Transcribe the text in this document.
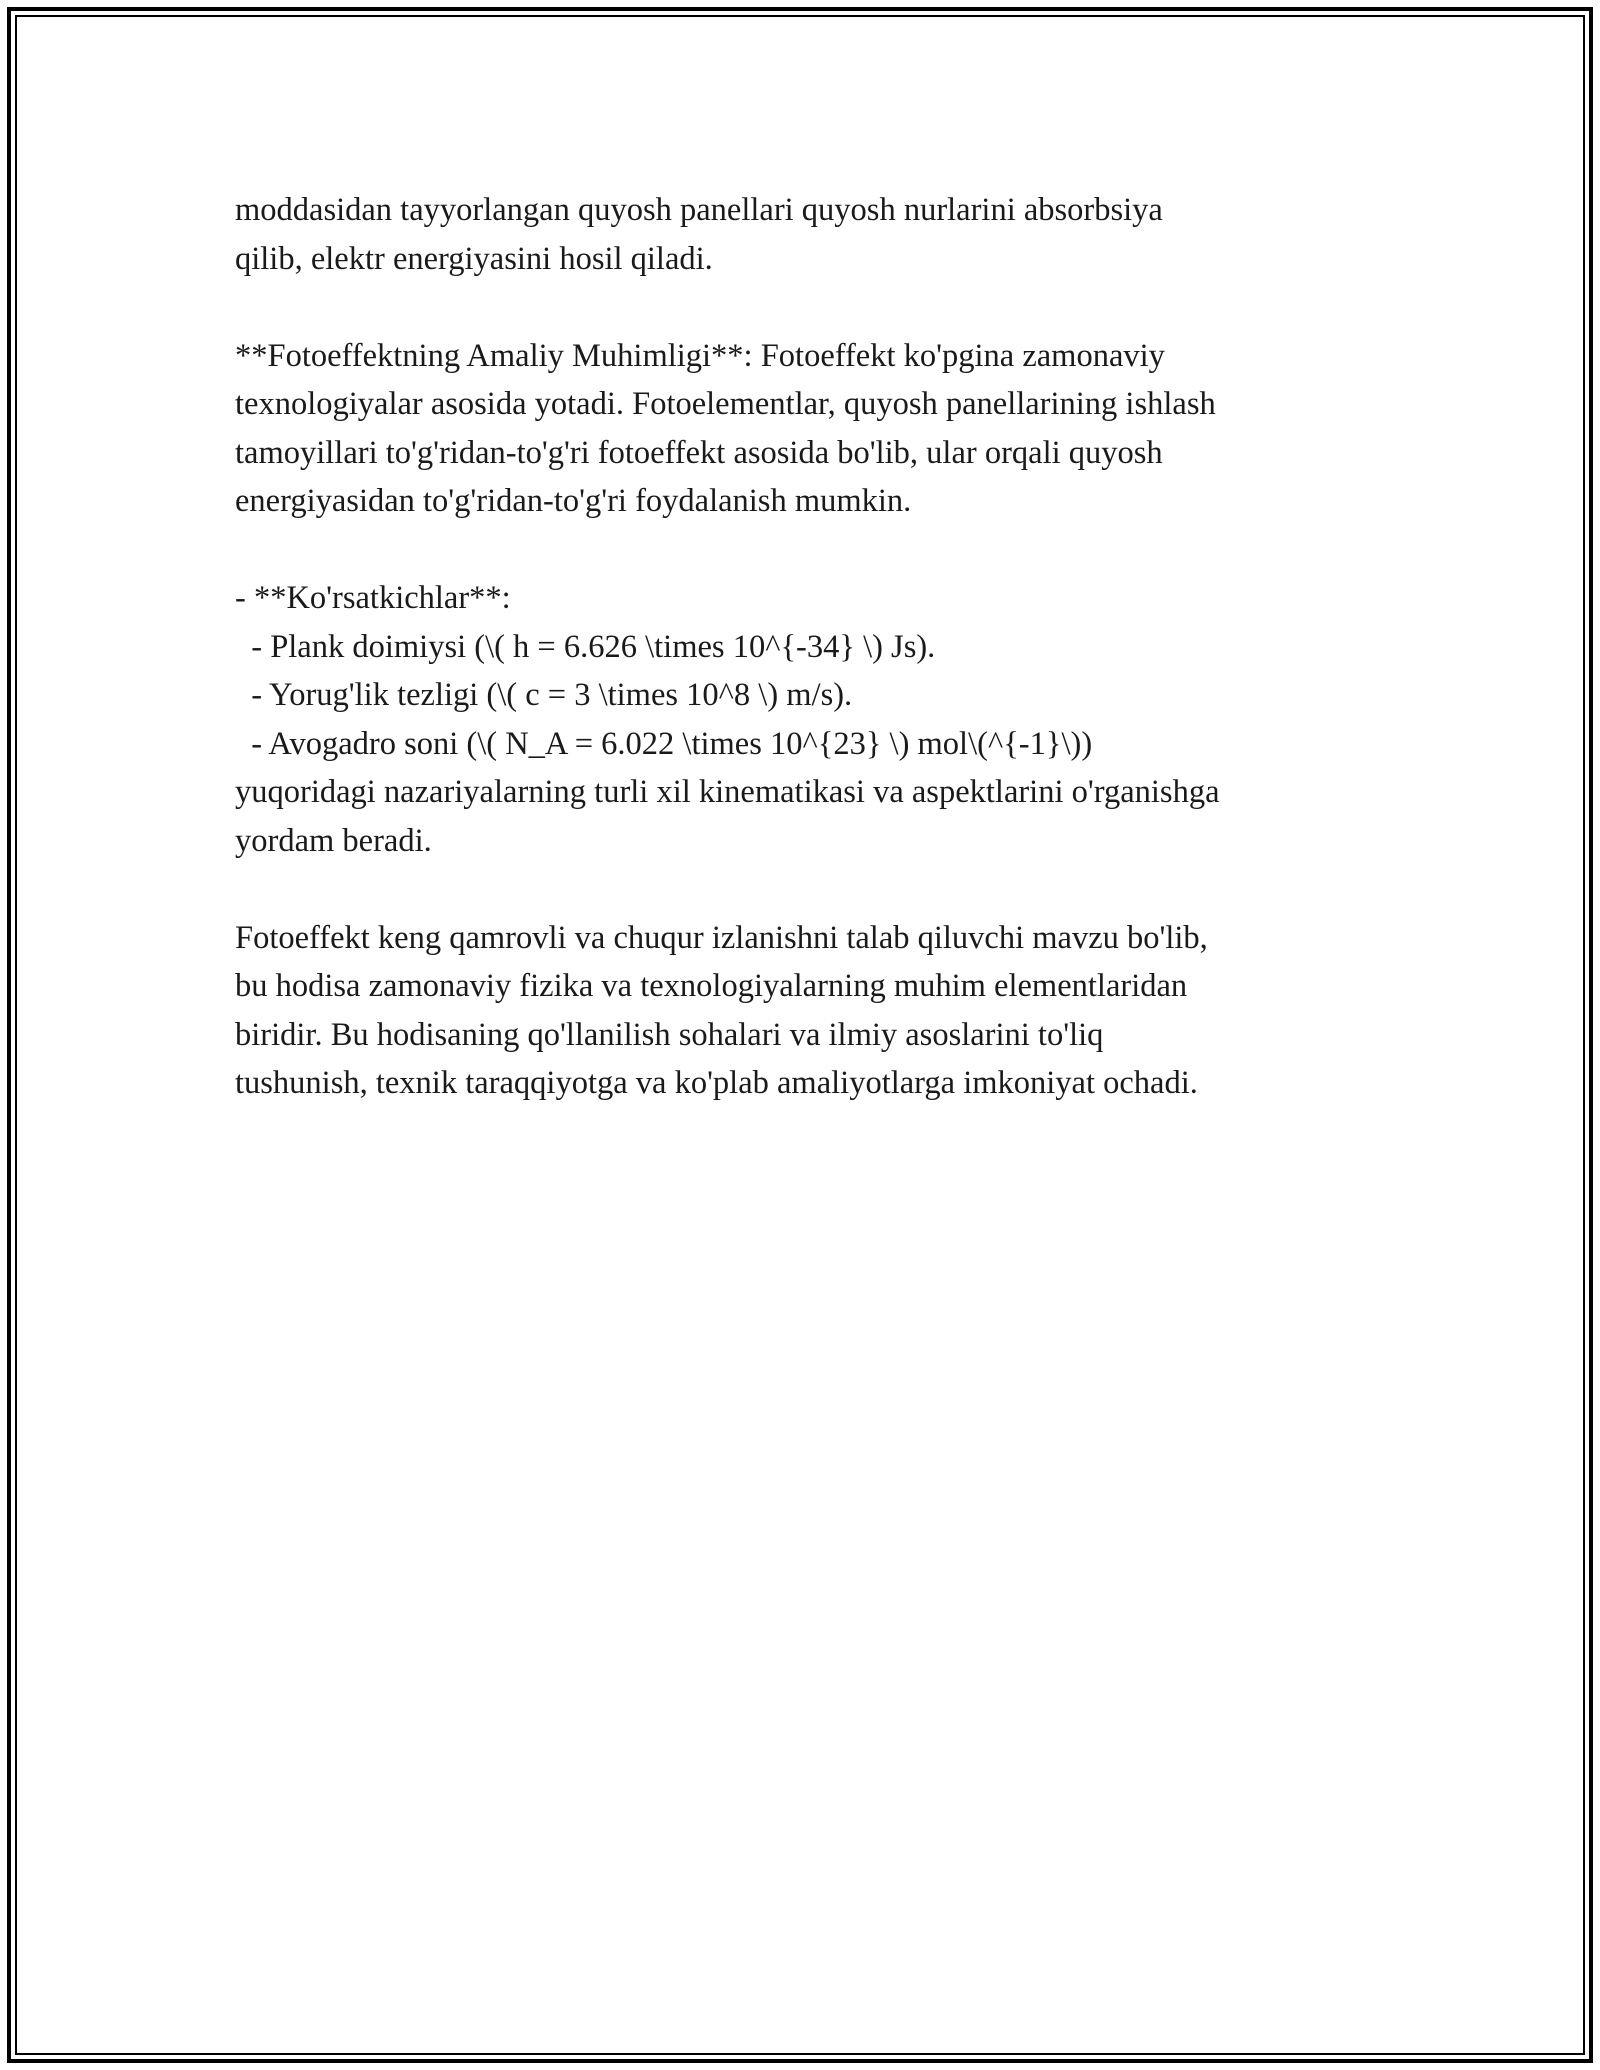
moddasidan tayyorlangan quyosh panellari quyosh nurlarini absorbsiya
qilib, elektr energiyasini hosil qiladi.

**Fotoeffektning Amaliy Muhimligi**: Fotoeffekt ko'pgina zamonaviy
texnologiyalar asosida yotadi. Fotoelementlar, quyosh panellarining ishlash
tamoyillari to'g'ridan-to'g'ri fotoeffekt asosida bo'lib, ular orqali quyosh
energiyasidan to'g'ridan-to'g'ri foydalanish mumkin.

- **Ko'rsatkichlar**:
- Plank doimiysi (\( h = 6.626 \times 10^{-34} \) Js).
- Yorug'lik tezligi (\( c = 3 \times 10^8 \) m/s).
- Avogadro soni (\( N_A = 6.022 \times 10^{23} \) mol\(^{-1}\))
yuqoridagi nazariyalarning turli xil kinematikasi va aspektlarini o'rganishga
yordam beradi.

Fotoeffekt keng qamrovli va chuqur izlanishni talab qiluvchi mavzu bo'lib,
bu hodisa zamonaviy fizika va texnologiyalarning muhim elementlaridan
biridir. Bu hodisaning qo'llanilish sohalari va ilmiy asoslarini to'liq
tushunish, texnik taraqqiyotga va ko'plab amaliyotlarga imkoniyat ochadi.
